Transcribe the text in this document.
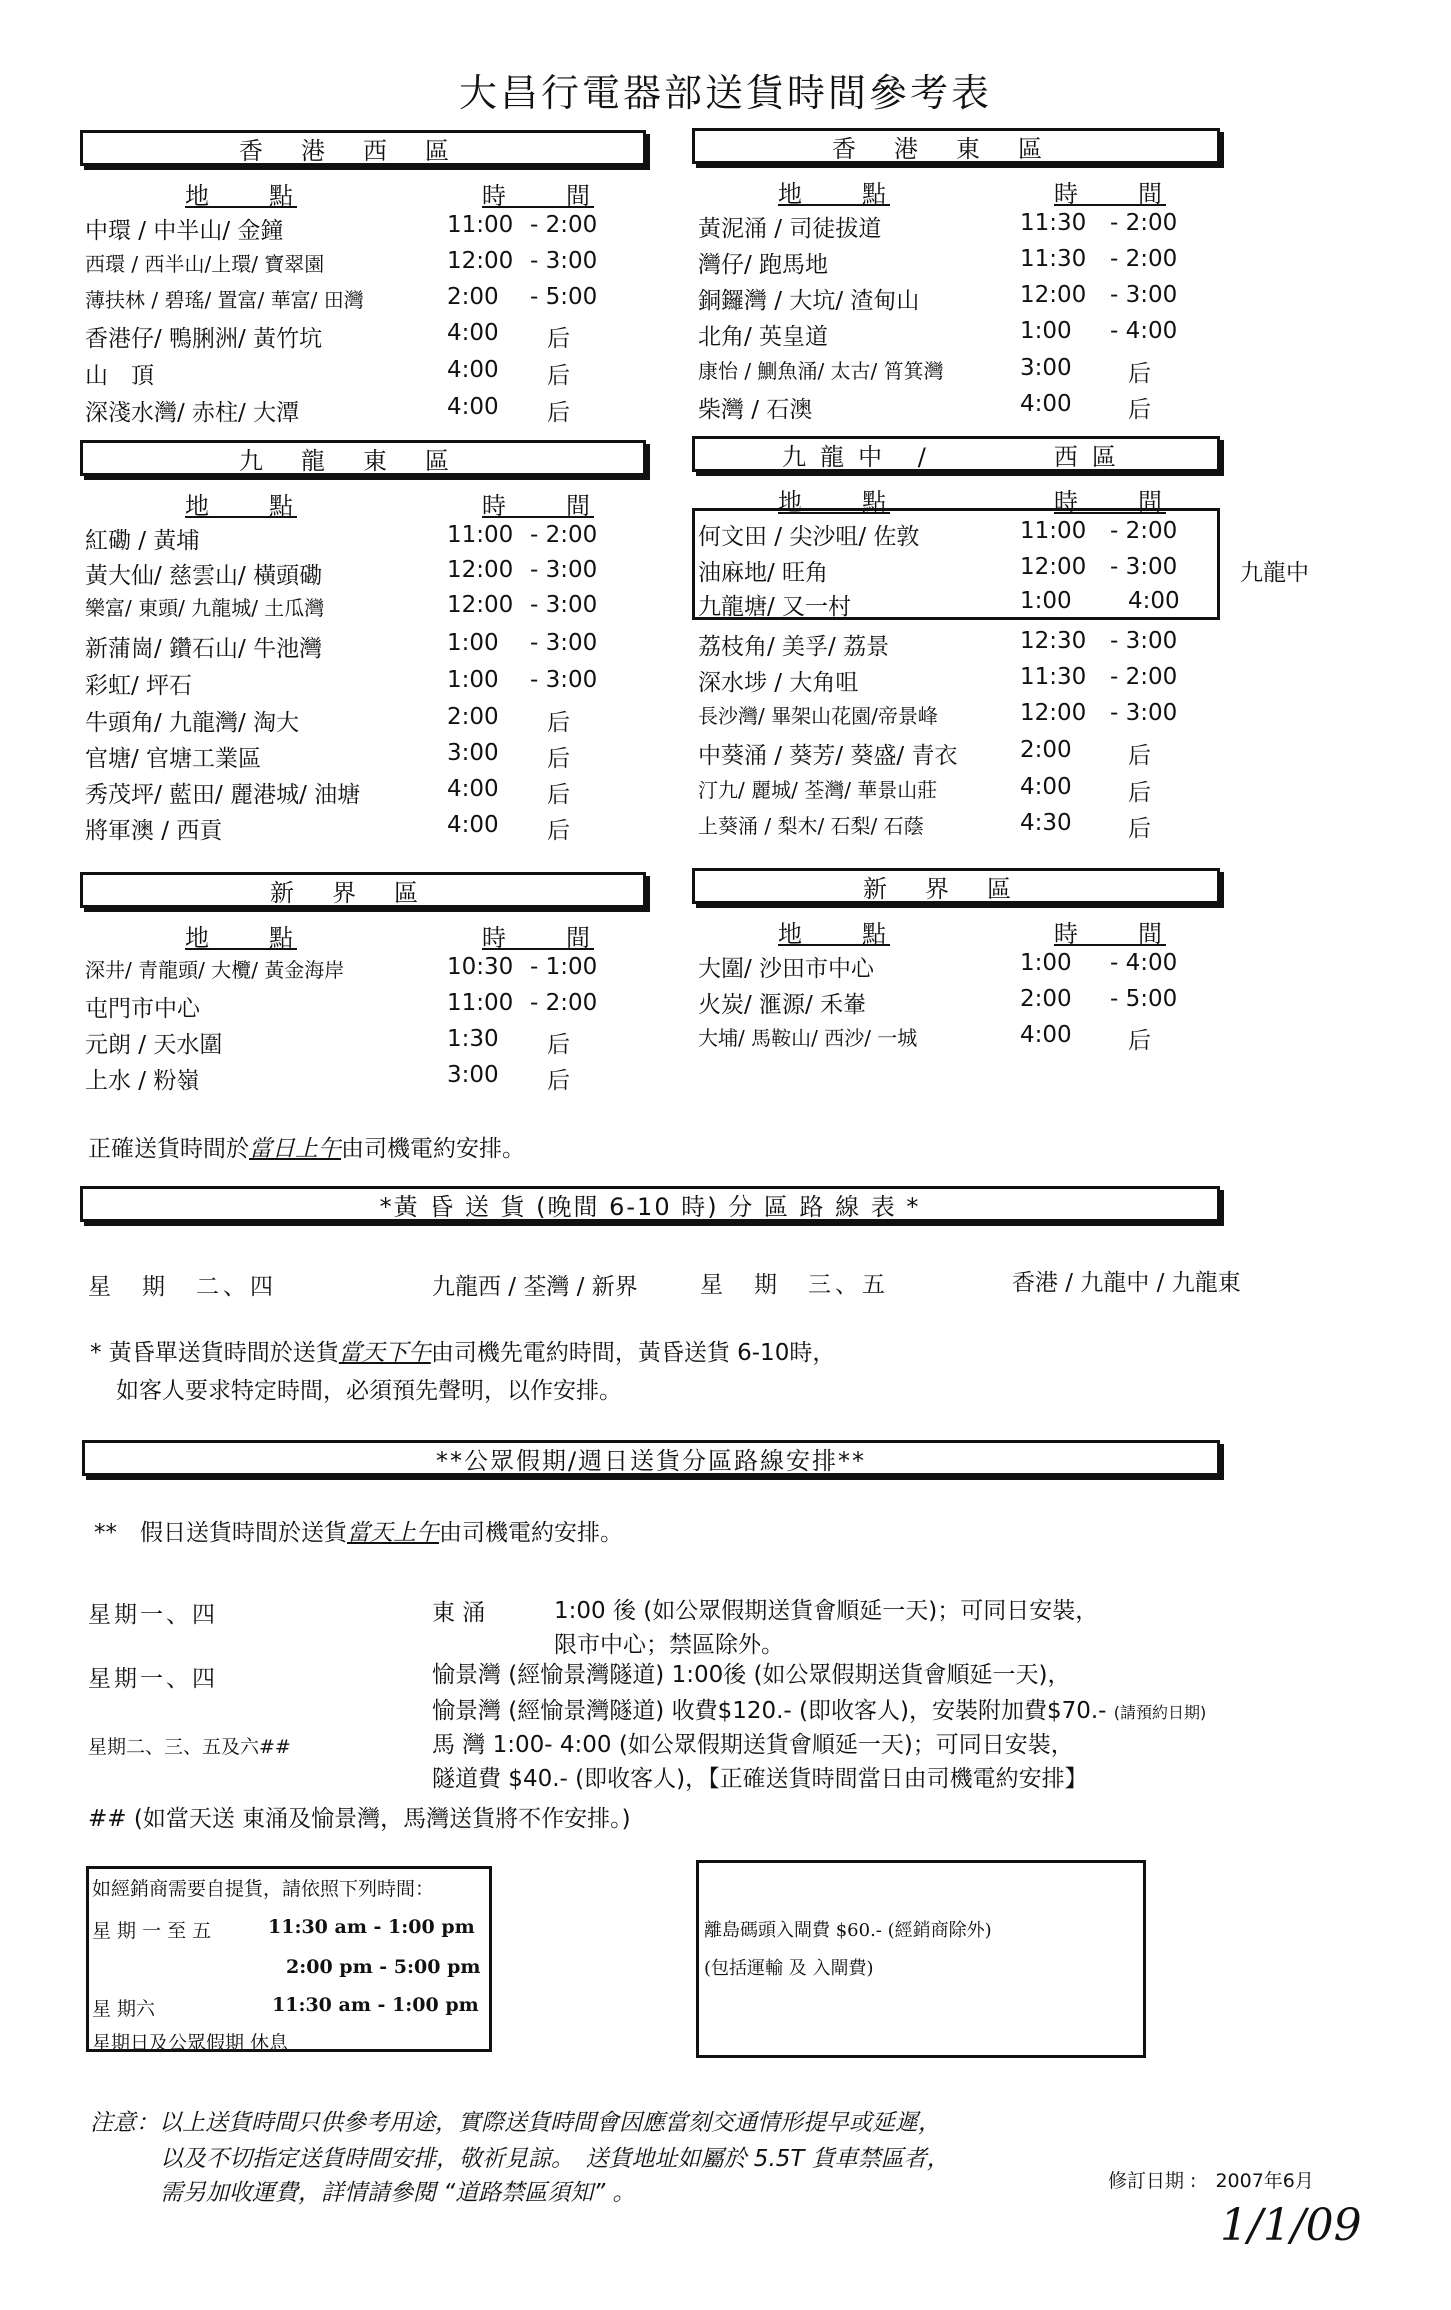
大昌行電器部送貨時間參考表
香港西區
地　　點	時　　間
中環 / 中半山/ 金鐘	11:00 - 2:00
西環 / 西半山/上環/ 寶翠園	12:00 - 3:00
薄扶林 / 碧瑤/ 置富/ 華富/ 田灣	2:00 - 5:00
香港仔/ 鴨脷洲/ 黃竹坑	4:00 后
山　頂	4:00 后
深淺水灣/ 赤柱/ 大潭	4:00 后
香港東區
地　　點	時　　間
黃泥涌 / 司徒拔道	11:30 - 2:00
灣仔/ 跑馬地	11:30 - 2:00
銅鑼灣 / 大坑/ 渣甸山	12:00 - 3:00
北角/ 英皇道	1:00 - 4:00
康怡 / 鰂魚涌/ 太古/ 筲箕灣	3:00 后
柴灣 / 石澳	4:00 后
九龍東區
地　　點	時　　間
紅磡 / 黃埔	11:00 - 2:00
黃大仙/ 慈雲山/ 橫頭磡	12:00 - 3:00
樂富/ 東頭/ 九龍城/ 土瓜灣	12:00 - 3:00
新蒲崗/ 鑽石山/ 牛池灣	1:00 - 3:00
彩虹/ 坪石	1:00 - 3:00
牛頭角/ 九龍灣/ 淘大	2:00 后
官塘/ 官塘工業區	3:00 后
秀茂坪/ 藍田/ 麗港城/ 油塘	4:00 后
將軍澳 / 西貢	4:00 后
九龍中 /　　　西區
地　　點	時　　間
九龍中
何文田 / 尖沙咀/ 佐敦	11:00 - 2:00
油麻地/ 旺角	12:00 - 3:00
九龍塘/ 又一村	1:00 4:00
荔枝角/ 美孚/ 荔景	12:30 - 3:00
深水埗 / 大角咀	11:30 - 2:00
長沙灣/ 畢架山花園/帝景峰	12:00 - 3:00
中葵涌 / 葵芳/ 葵盛/ 青衣	2:00 后
汀九/ 麗城/ 荃灣/ 華景山莊	4:00 后
上葵涌 / 梨木/ 石梨/ 石蔭	4:30 后
新界區
地　　點	時　　間
深井/ 青龍頭/ 大欖/ 黃金海岸	10:30 - 1:00
屯門市中心	11:00 - 2:00
元朗 / 天水圍	1:30 后
上水 / 粉嶺	3:00 后
新界區
地　　點	時　　間
大圍/ 沙田市中心	1:00 - 4:00
火炭/ 滙源/ 禾輋	2:00 - 5:00
大埔/ 馬鞍山/ 西沙/ 一城	4:00 后
正確送貨時間於當日上午由司機電約安排。
*黃 昏 送 貨 (晚間 6-10 時) 分 區 路 線 表 *
星　期　二、四	九龍西 / 荃灣 / 新界	星　期　三、五	香港 / 九龍中 / 九龍東
* 黃昏單送貨時間於送貨當天下午由司機先電約時間，黃昏送貨 6-10時，
如客人要求特定時間，必須預先聲明，以作安排。
**公眾假期/週日送貨分區路線安排**
**　假日送貨時間於送貨當天上午由司機電約安排。
星期一、四	東 涌	1:00 後 (如公眾假期送貨會順延一天)；可同日安裝，
限市中心；禁區除外。
星期一、四	愉景灣 (經愉景灣隧道) 1:00後 (如公眾假期送貨會順延一天)，
愉景灣 (經愉景灣隧道) 收費$120.- (即收客人)，安裝附加費$70.- (請預約日期)
星期二、三、五及六##	馬 灣 1:00- 4:00 (如公眾假期送貨會順延一天)；可同日安裝，
隧道費 $40.- (即收客人)，【正確送貨時間當日由司機電約安排】
## (如當天送 東涌及愉景灣，馬灣送貨將不作安排。)
如經銷商需要自提貨，請依照下列時間：
星 期 一 至 五	11:30 am - 1:00 pm
2:00 pm - 5:00 pm
星 期六	11:30 am - 1:00 pm
星期日及公眾假期 休息
離島碼頭入閘費 $60.- (經銷商除外)
(包括運輸 及 入閘費)
注意：以上送貨時間只供參考用途，實際送貨時間會因應當刻交通情形提早或延遲，
以及不切指定送貨時間安排，敬祈見諒。　送貨地址如屬於 5.5T 貨車禁區者，
需另加收運費，詳情請參閱 “道路禁區須知” 。	修訂日期 :　2007年6月
1/1/09
